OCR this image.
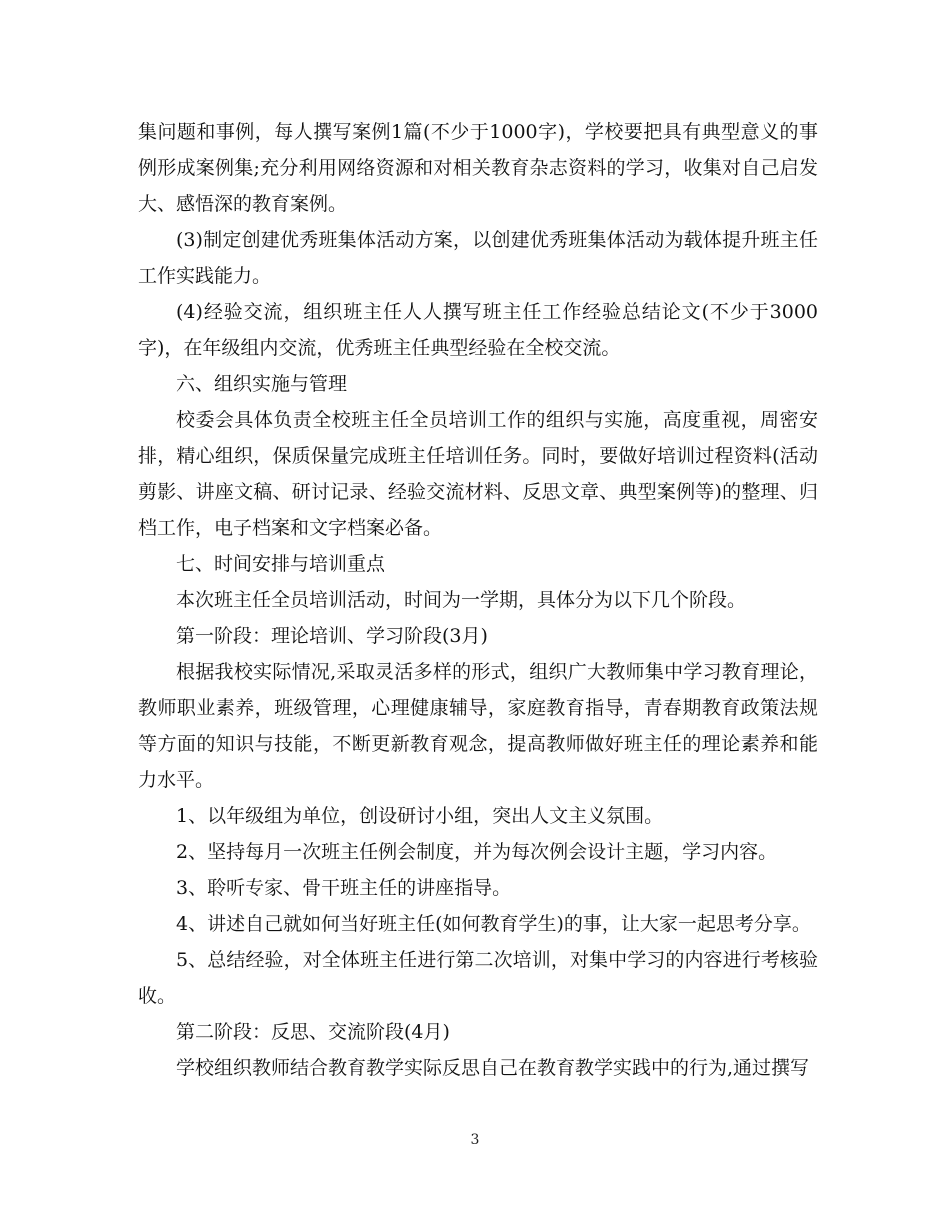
集问题和事例，每人撰写案例1篇(不少于1000字)，学校要把具有典型意义的事例形成案例集;充分利用网络资源和对相关教育杂志资料的学习，收集对自己启发大、感悟深的教育案例。

(3)制定创建优秀班集体活动方案，以创建优秀班集体活动为载体提升班主任工作实践能力。

(4)经验交流，组织班主任人人撰写班主任工作经验总结论文(不少于3000字)，在年级组内交流，优秀班主任典型经验在全校交流。

六、组织实施与管理

校委会具体负责全校班主任全员培训工作的组织与实施，高度重视，周密安排，精心组织，保质保量完成班主任培训任务。同时，要做好培训过程资料(活动剪影、讲座文稿、研讨记录、经验交流材料、反思文章、典型案例等)的整理、归档工作，电子档案和文字档案必备。

七、时间安排与培训重点

本次班主任全员培训活动，时间为一学期，具体分为以下几个阶段。

第一阶段：理论培训、学习阶段(3月)

根据我校实际情况,采取灵活多样的形式，组织广大教师集中学习教育理论，教师职业素养，班级管理，心理健康辅导，家庭教育指导，青春期教育政策法规等方面的知识与技能，不断更新教育观念，提高教师做好班主任的理论素养和能力水平。

1、以年级组为单位，创设研讨小组，突出人文主义氛围。

2、坚持每月一次班主任例会制度，并为每次例会设计主题，学习内容。

3、聆听专家、骨干班主任的讲座指导。

4、讲述自己就如何当好班主任(如何教育学生)的事，让大家一起思考分享。

5、总结经验，对全体班主任进行第二次培训，对集中学习的内容进行考核验收。

第二阶段：反思、交流阶段(4月)

学校组织教师结合教育教学实际反思自己在教育教学实践中的行为,通过撰写

3
